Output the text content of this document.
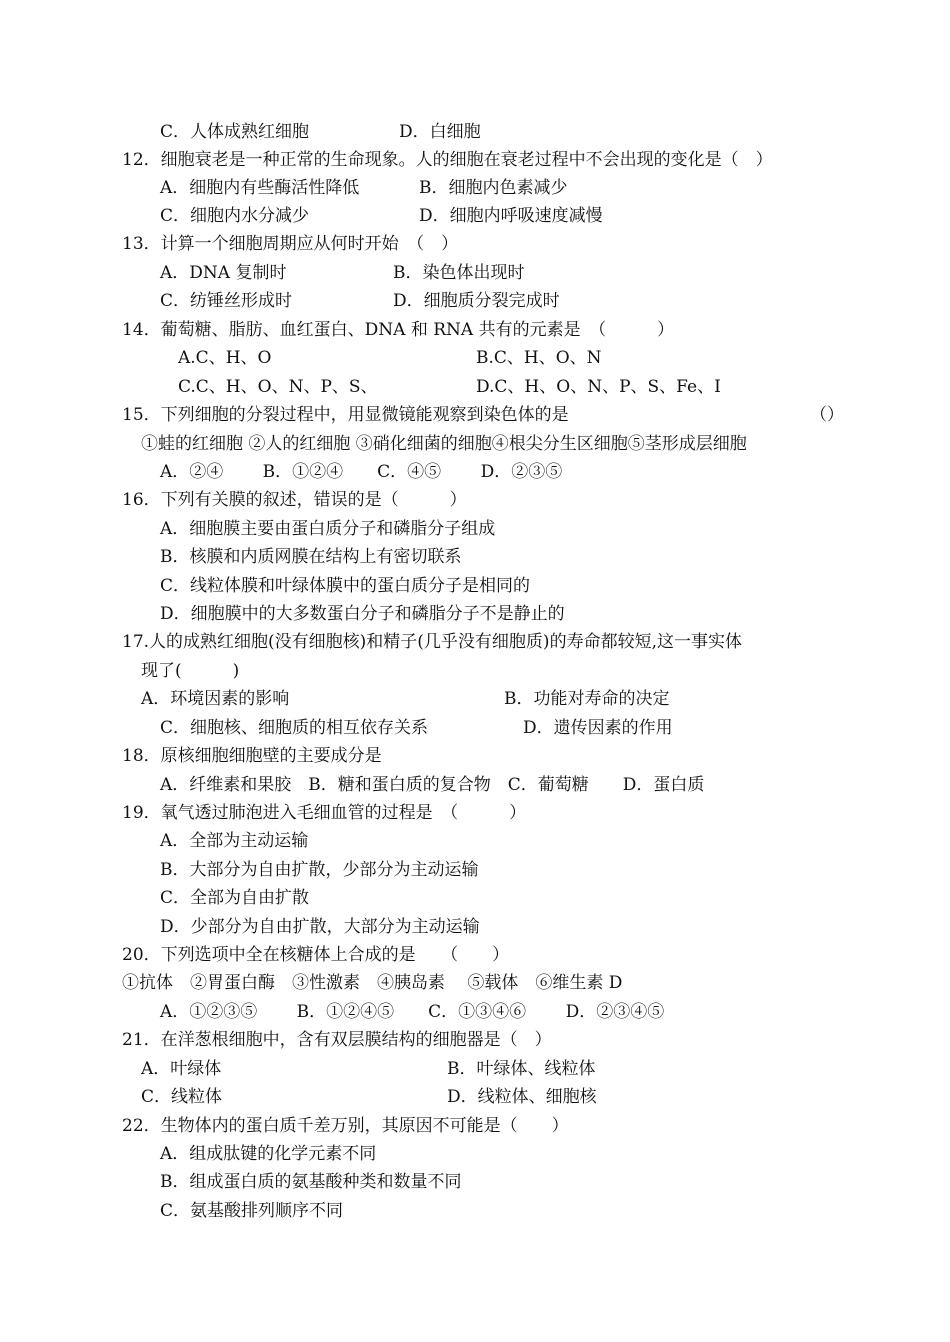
C．人体成熟红细胞	D．白细胞
12．细胞衰老是一种正常的生命现象。人的细胞在衰老过程中不会出现的变化是（　）
A．细胞内有些酶活性降低	B．细胞内色素减少
C．细胞内水分减少	D．细胞内呼吸速度减慢
13．计算一个细胞周期应从何时开始　（　）
A．DNA 复制时	B．染色体出现时
C．纺锤丝形成时	D．细胞质分裂完成时
14．葡萄糖、脂肪、血红蛋白、DNA 和 RNA 共有的元素是　（　　　）
A.C、H、O	B.C、H、O、N
C.C、H、O、N、P、S、	D.C、H、O、N、P、S、Fe、I
15．下列细胞的分裂过程中，用显微镜能观察到染色体的是	（）
①蛙的红细胞 ②人的红细胞 ③硝化细菌的细胞④根尖分生区细胞⑤茎形成层细胞
A．②④　　 B．①②④　　C．④⑤　　 D．②③⑤
16．下列有关膜的叙述，错误的是（　　　）
A．细胞膜主要由蛋白质分子和磷脂分子组成
B．核膜和内质网膜在结构上有密切联系
C．线粒体膜和叶绿体膜中的蛋白质分子是相同的
D．细胞膜中的大多数蛋白分子和磷脂分子不是静止的
17.人的成熟红细胞(没有细胞核)和精子(几乎没有细胞质)的寿命都较短,这一事实体
现了(　　　)
A．环境因素的影响	B．功能对寿命的决定
C．细胞核、细胞质的相互依存关系	D．遗传因素的作用
18．原核细胞细胞壁的主要成分是
A．纤维素和果胶　B．糖和蛋白质的复合物　C．葡萄糖　　D．蛋白质
19．氧气透过肺泡进入毛细血管的过程是　（　　　）
A．全部为主动运输
B．大部分为自由扩散，少部分为主动运输
C．全部为自由扩散
D．少部分为自由扩散，大部分为主动运输
20．下列选项中全在核糖体上合成的是　　（　　）
①抗体　②胃蛋白酶　③性激素　④胰岛素　 ⑤载体　⑥维生素 D
A．①②③⑤　　 B．①②④⑤　　C．①③④⑥　　 D．②③④⑤
21．在洋葱根细胞中，含有双层膜结构的细胞器是（　）
A．叶绿体	B．叶绿体、线粒体
C．线粒体	D．线粒体、细胞核
22．生物体内的蛋白质千差万别，其原因不可能是（　　）
A．组成肽键的化学元素不同
B．组成蛋白质的氨基酸种类和数量不同
C．氨基酸排列顺序不同
